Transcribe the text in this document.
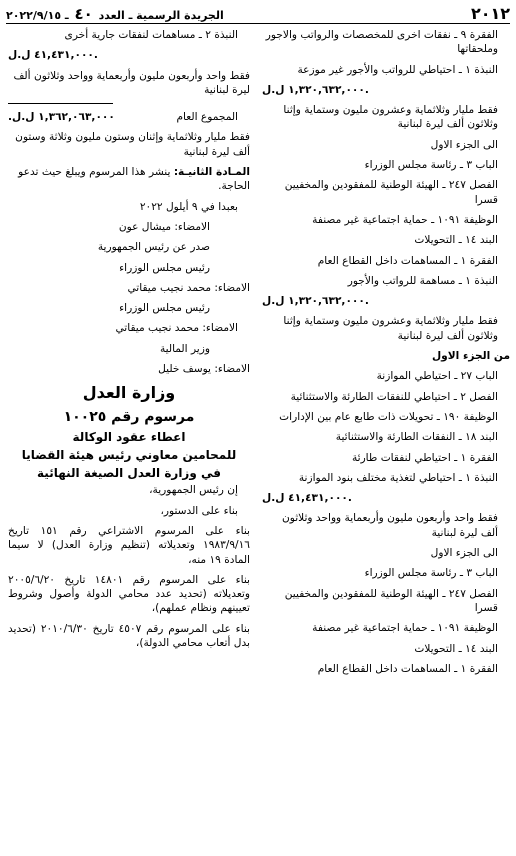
٢٠١٢
الجريدة الرسمية ـ العدد ٤٠ ـ ٢٠٢٢/٩/١٥
الفقرة ٩ ـ نفقات اخرى للمخصصات والرواتب والاجور وملحقاتها
النبذة ١ ـ احتياطي للرواتب والأجور غير موزعة
١,٣٢٠,٦٣٢,٠٠٠ ل.ل.
فقط مليار وثلاثماية وعشرون مليون وستماية وإثنا وثلاثون ألف ليرة لبنانية
الى الجزء الاول
الباب ٣ ـ رئاسة مجلس الوزراء
الفصل ٢٤٧ ـ الهيئة الوطنية للمفقودين والمخفيين قسرا
الوظيفة ١٠٩١ ـ حماية اجتماعية غير مصنفة
البند ١٤ ـ التحويلات
الفقرة ١ ـ المساهمات داخل القطاع العام
النبذة ١ ـ مساهمة للرواتب والأجور
١,٣٢٠,٦٣٢,٠٠٠ ل.ل.
فقط مليار وثلاثماية وعشرون مليون وستماية وإثنا وثلاثون ألف ليرة لبنانية
من الجزء الاول
الباب ٢٧ ـ احتياطي الموازنة
الفصل ٢ ـ احتياطي للنفقات الطارئة والاستثنائية
الوظيفة ١٩٠ ـ تحويلات ذات طابع عام بين الإدارات
البند ١٨ ـ النفقات الطارئة والاستثنائية
الفقرة ١ ـ احتياطي لنفقات طارئة
النبذة ١ ـ احتياطي لتغذية مختلف بنود الموازنة
٤١,٤٣١,٠٠٠ ل.ل.
فقط واحد وأربعون مليون وأربعماية وواحد وثلاثون ألف ليرة لبنانية
الى الجزء الاول
الباب ٣ ـ رئاسة مجلس الوزراء
الفصل ٢٤٧ ـ الهيئة الوطنية للمفقودين والمخفيين قسرا
الوظيفة ١٠٩١ ـ حماية اجتماعية غير مصنفة
البند ١٤ ـ التحويلات
الفقرة ١ ـ المساهمات داخل القطاع العام
النبذة ٢ ـ مساهمات لنفقات جارية أخرى
٤١,٤٣١,٠٠٠ ل.ل.
فقط واحد وأربعون مليون وأربعماية وواحد وثلاثون ألف ليرة لبنانية
المجموع العام
١,٣٦٢,٠٦٣,٠٠٠ ل.ل.
فقط مليار وثلاثماية وإثنان وستون مليون وثلاثة وستون ألف ليرة لبنانية
المـادة الثانيـة: ينشر هذا المرسوم ويبلغ حيث تدعو الحاجة.
بعبدا في ٩ أيلول ٢٠٢٢
الامضاء: ميشال عون
صدر عن رئيس الجمهورية
رئيس مجلس الوزراء
الامضاء: محمد نجيب ميقاتي
رئيس مجلس الوزراء
الامضاء: محمد نجيب ميقاتي
وزير المالية
الامضاء: يوسف خليل
وزارة العدل
مرسوم رقم ١٠٠٢٥
اعطاء عقود الوكالة
للمحامين معاوني رئيس هيئة القضايا
في وزارة العدل الصيغة النهائية
إن رئيس الجمهورية،
بناء على الدستور،
بناء على المرسوم الاشتراعي رقم ١٥١ تاريخ ١٩٨٣/٩/١٦ وتعديلاته (تنظيم وزارة العدل) لا سيما المادة ١٩ منه،
بناء على المرسوم رقم ١٤٨٠١ تاريخ ٢٠٠٥/٦/٢٠ وتعديلاته (تحديد عدد محامي الدولة وأصول وشروط تعيينهم ونظام عملهم)،
بناء على المرسوم رقم ٤٥٠٧ تاريخ ٢٠١٠/٦/٣٠ (تحديد بدل أتعاب محامي الدولة)،
